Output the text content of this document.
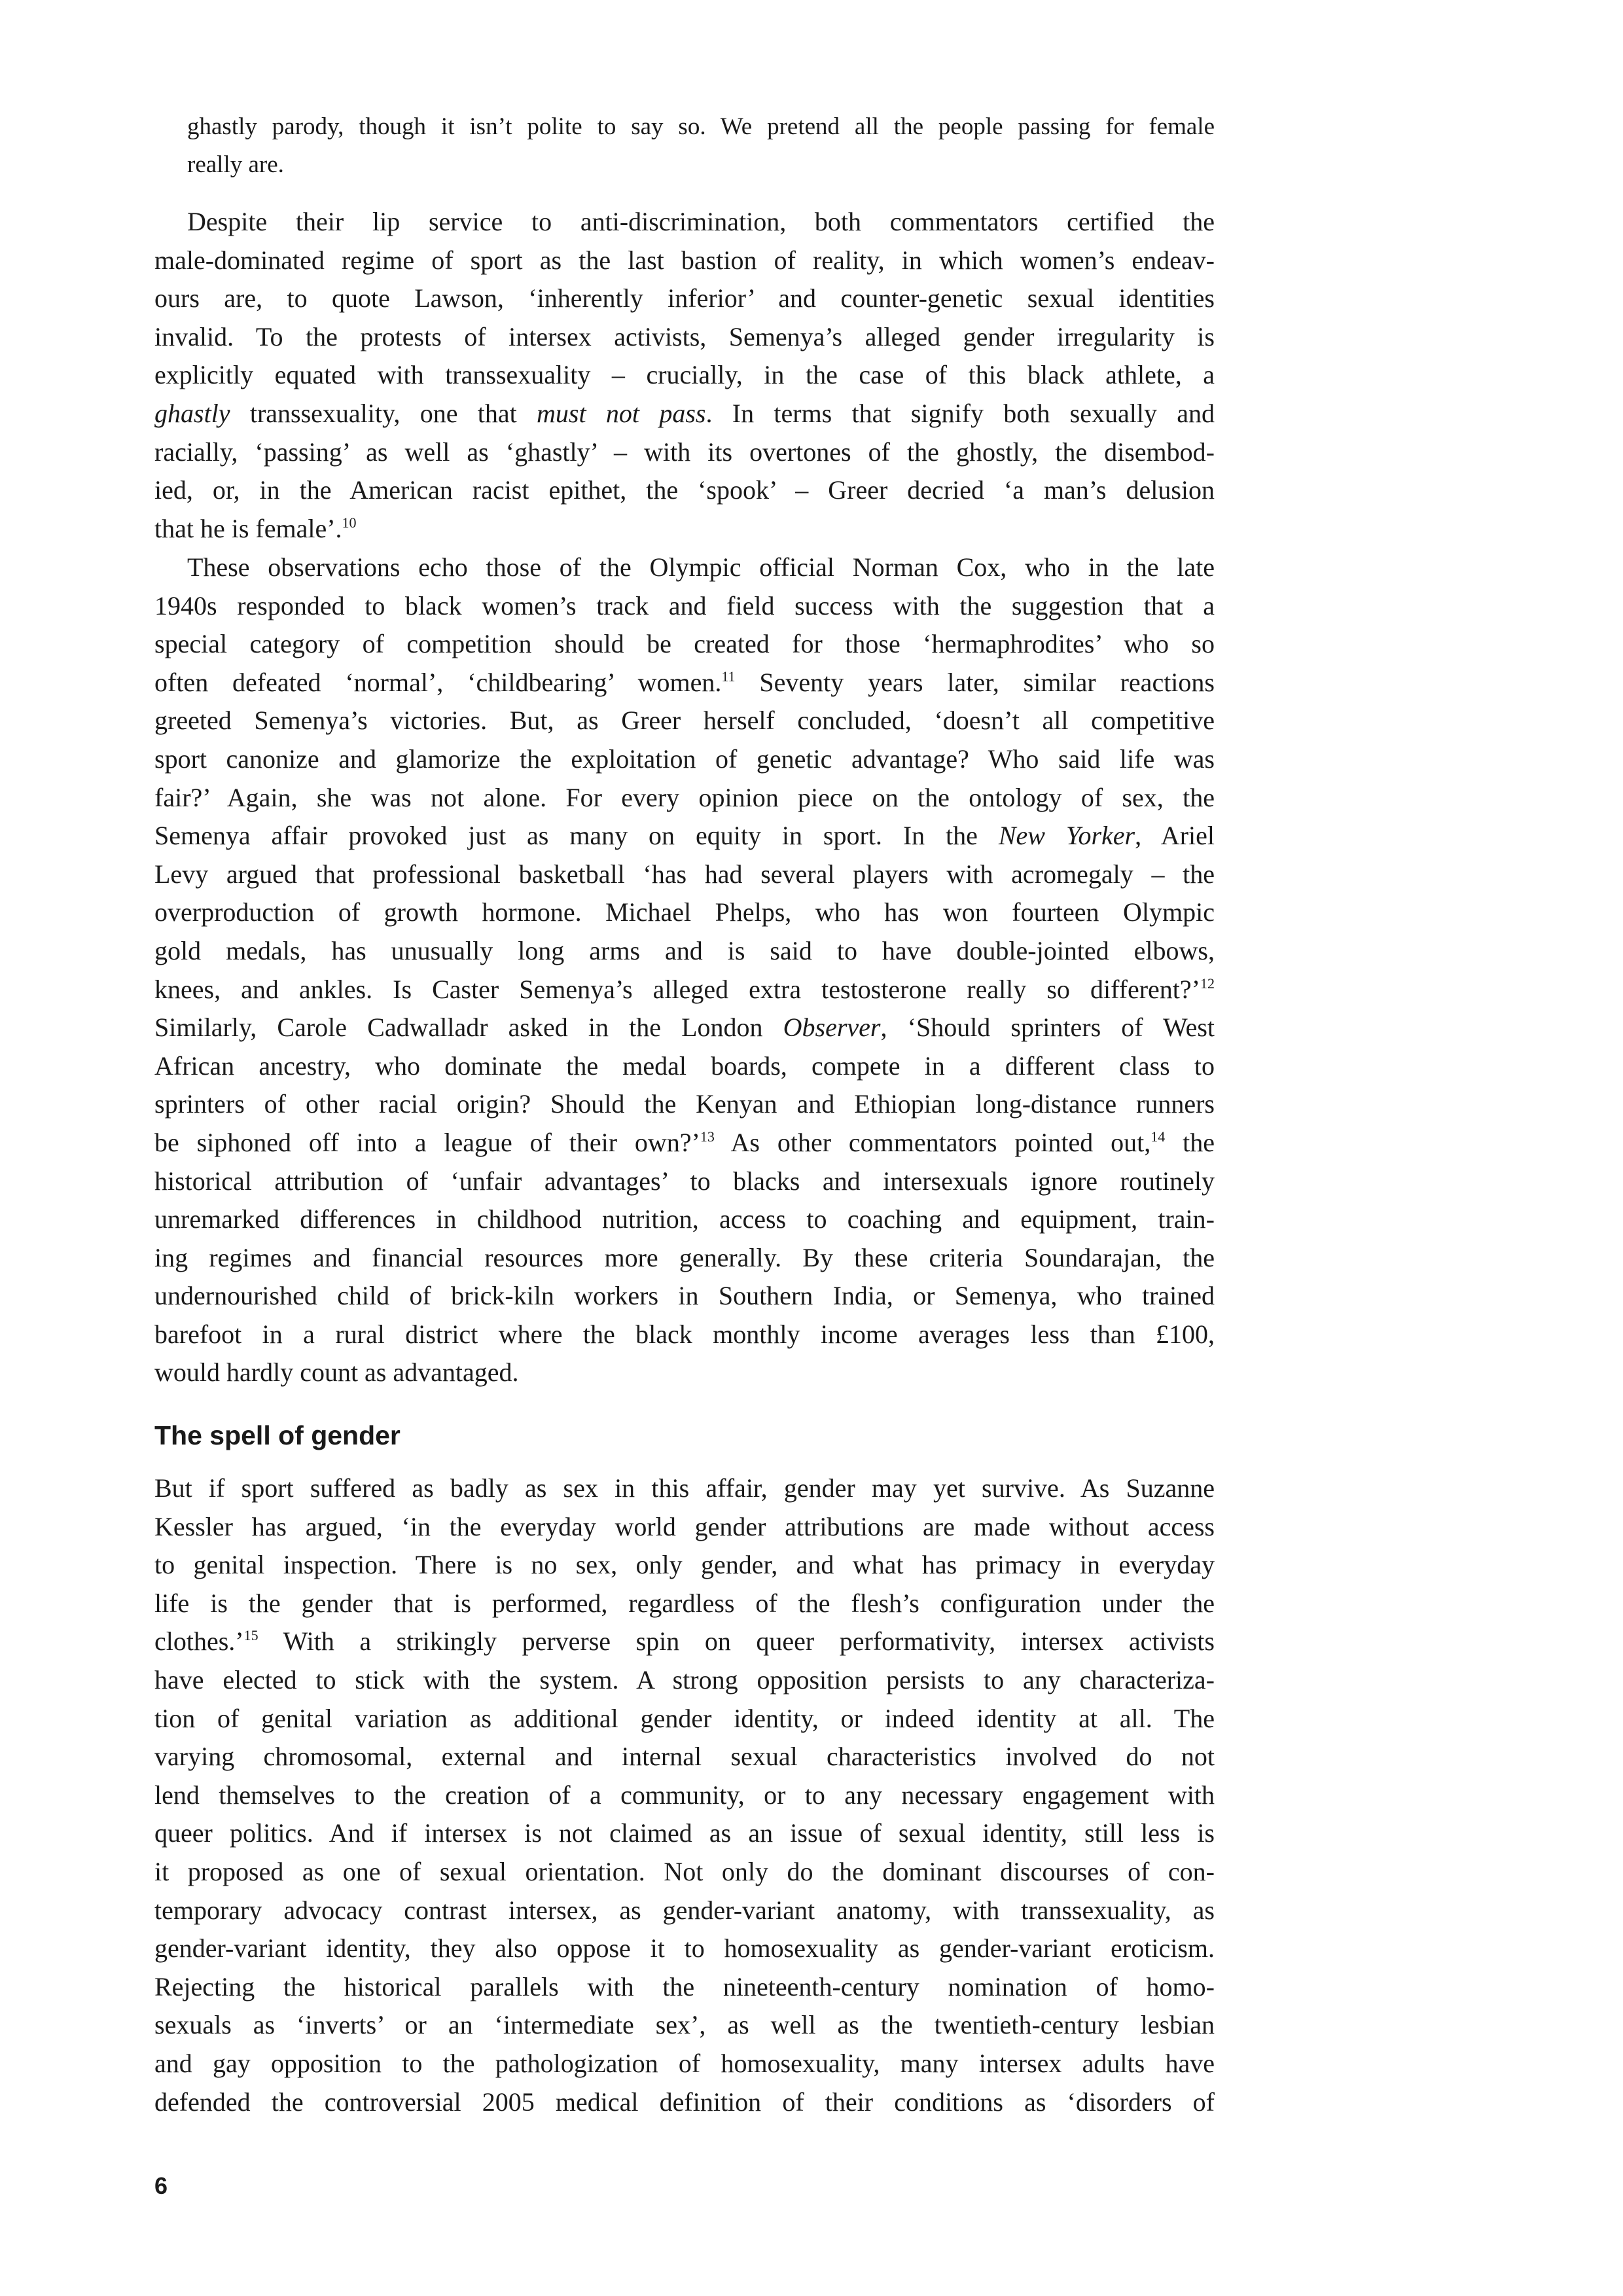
ghastly parody, though it isn’t polite to say so. We pretend all the people passing for female
really are.
Despite their lip service to anti-discrimination, both commentators certified the
male-dominated regime of sport as the last bastion of reality, in which women’s endeav-
ours are, to quote Lawson, ‘inherently inferior’ and counter-genetic sexual identities
invalid. To the protests of intersex activists, Semenya’s alleged gender irregularity is
explicitly equated with transsexuality – crucially, in the case of this black athlete, a
ghastly transsexuality, one that must not pass. In terms that signify both sexually and
racially, ‘passing’ as well as ‘ghastly’ – with its overtones of the ghostly, the disembod-
ied, or, in the American racist epithet, the ‘spook’ – Greer decried ‘a man’s delusion
that he is female’.$^{10}$
These observations echo those of the Olympic official Norman Cox, who in the late
1940s responded to black women’s track and field success with the suggestion that a
special category of competition should be created for those ‘hermaphrodites’ who so
often defeated ‘normal’, ‘childbearing’ women.$^{11}$ Seventy years later, similar reactions
greeted Semenya’s victories. But, as Greer herself concluded, ‘doesn’t all competitive
sport canonize and glamorize the exploitation of genetic advantage? Who said life was
fair?’ Again, she was not alone. For every opinion piece on the ontology of sex, the
Semenya affair provoked just as many on equity in sport. In the New Yorker, Ariel
Levy argued that professional basketball ‘has had several players with acromegaly – the
overproduction of growth hormone. Michael Phelps, who has won fourteen Olympic
gold medals, has unusually long arms and is said to have double-jointed elbows,
knees, and ankles. Is Caster Semenya’s alleged extra testosterone really so different?’$^{12}$
Similarly, Carole Cadwalladr asked in the London Observer, ‘Should sprinters of West
African ancestry, who dominate the medal boards, compete in a different class to
sprinters of other racial origin? Should the Kenyan and Ethiopian long-distance runners
be siphoned off into a league of their own?’$^{13}$ As other commentators pointed out,$^{14}$ the
historical attribution of ‘unfair advantages’ to blacks and intersexuals ignore routinely
unremarked differences in childhood nutrition, access to coaching and equipment, train-
ing regimes and financial resources more generally. By these criteria Soundarajan, the
undernourished child of brick-kiln workers in Southern India, or Semenya, who trained
barefoot in a rural district where the black monthly income averages less than £100,
would hardly count as advantaged.
The spell of gender
But if sport suffered as badly as sex in this affair, gender may yet survive. As Suzanne
Kessler has argued, ‘in the everyday world gender attributions are made without access
to genital inspection. There is no sex, only gender, and what has primacy in everyday
life is the gender that is performed, regardless of the flesh’s configuration under the
clothes.’$^{15}$ With a strikingly perverse spin on queer performativity, intersex activists
have elected to stick with the system. A strong opposition persists to any characteriza-
tion of genital variation as additional gender identity, or indeed identity at all. The
varying chromosomal, external and internal sexual characteristics involved do not
lend themselves to the creation of a community, or to any necessary engagement with
queer politics. And if intersex is not claimed as an issue of sexual identity, still less is
it proposed as one of sexual orientation. Not only do the dominant discourses of con-
temporary advocacy contrast intersex, as gender-variant anatomy, with transsexuality, as
gender-variant identity, they also oppose it to homosexuality as gender-variant eroticism.
Rejecting the historical parallels with the nineteenth-century nomination of homo-
sexuals as ‘inverts’ or an ‘intermediate sex’, as well as the twentieth-century lesbian
and gay opposition to the pathologization of homosexuality, many intersex adults have
defended the controversial 2005 medical definition of their conditions as ‘disorders of
6
